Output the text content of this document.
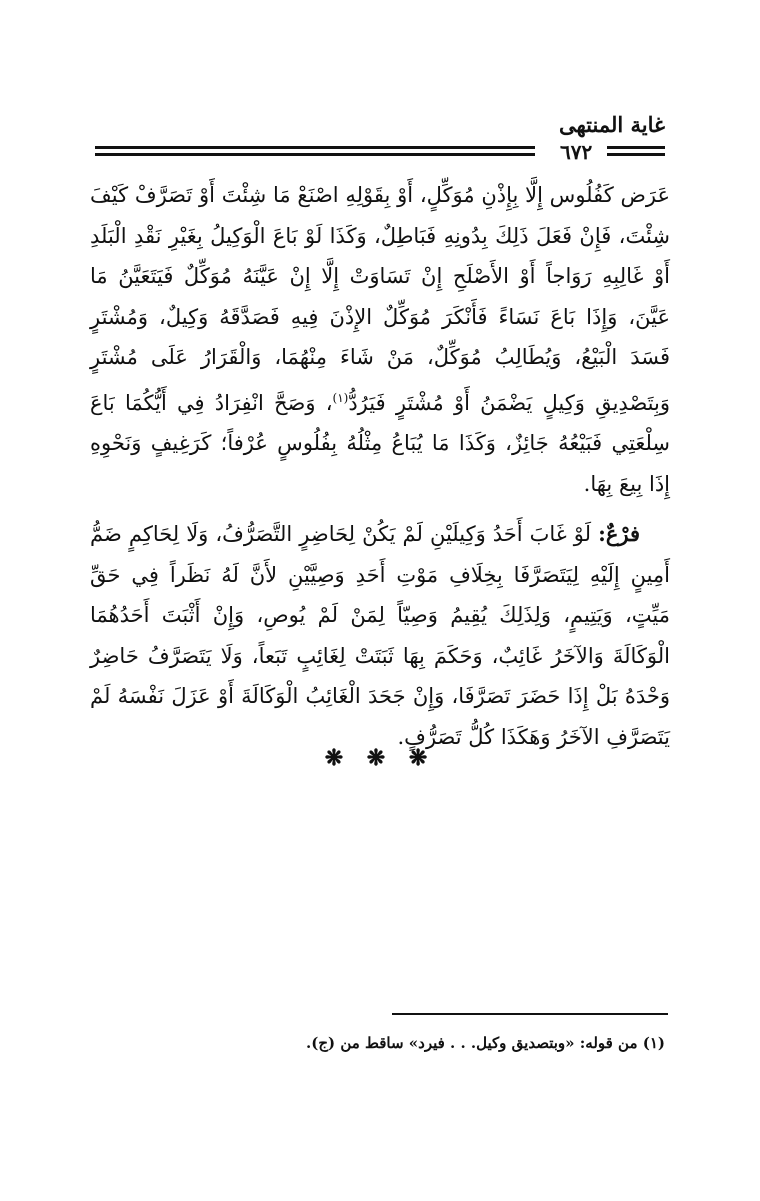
غاية المنتهى
٦٧٢

عَرَض كَفُلُوس إِلَّا بِإِذْنِ مُوَكِّلٍ، أَوْ بِقَوْلِهِ اصْنَعْ مَا شِئْتَ أَوْ تَصَرَّفْ كَيْفَ شِئْتَ، فَإِنْ فَعَلَ ذَلِكَ بِدُونِهِ فَبَاطِلٌ، وَكَذَا لَوْ بَاعَ الْوَكِيلُ بِغَيْرِ نَقْدِ الْبَلَدِ أَوْ غَالِبِهِ رَوَاجاً أَوْ الأَصْلَحِ إِنْ تَسَاوَتْ إِلَّا إِنْ عَيَّنَهُ مُوَكِّلٌ فَيَتَعَيَّنُ مَا عَيَّنَ، وَإِذَا بَاعَ نَسَاءً فَأَنْكَرَ مُوَكِّلٌ الإِذْنَ فِيهِ فَصَدَّقَهُ وَكِيلٌ، وَمُشْتَرٍ فَسَدَ الْبَيْعُ، وَيُطَالِبُ مُوَكِّلٌ، مَنْ شَاءَ مِنْهُمَا، وَالْقَرَارُ عَلَى مُشْتَرٍ وَبِتَصْدِيقِ وَكِيلٍ يَضْمَنُ أَوْ مُشْتَرٍ فَيَرُدُّ$^{(١)}$، وَصَحَّ انْفِرَادُ فِي أَيُّكُمَا بَاعَ سِلْعَتِي فَبَيْعُهُ جَائِزٌ، وَكَذَا مَا يُبَاعُ مِثْلُهُ بِفُلُوسٍ عُرْفاً؛ كَرَغِيفٍ وَنَحْوِهِ إِذَا بِيعَ بِهَا.

فرْعٌ: لَوْ غَابَ أَحَدُ وَكِيلَيْنِ لَمْ يَكُنْ لِحَاضِرٍ التَّصَرُّفُ، وَلَا لِحَاكِمٍ ضَمُّ أَمِينٍ إِلَيْهِ لِيَتَصَرَّفَا بِخِلَافِ مَوْتِ أَحَدِ وَصِيَّيْنِ لأَنَّ لَهُ نَظَراً فِي حَقِّ مَيِّتٍ، وَيَتِيمٍ، وَلِذَلِكَ يُقِيمُ وَصِيّاً لِمَنْ لَمْ يُوصِ، وَإِنْ أَثْبَتَ أَحَدُهُمَا الْوَكَالَةَ وَالآخَرُ غَائِبٌ، وَحَكَمَ بِهَا ثَبَتَتْ لِغَائِبٍ تَبَعاً، وَلَا يَتَصَرَّفُ حَاضِرٌ وَحْدَهُ بَلْ إِذَا حَضَرَ تَصَرَّفَا، وَإِنْ جَحَدَ الْغَائِبُ الْوَكَالَةَ أَوْ عَزَلَ نَفْسَهُ لَمْ يَتَصَرَّفِ الآخَرُ وَهَكَذَا كُلُّ تَصَرُّفٍ.

❋ ❋ ❋
(١) من قوله: «وبتصديق وكيل. . . فيرد» ساقط من (ج).
